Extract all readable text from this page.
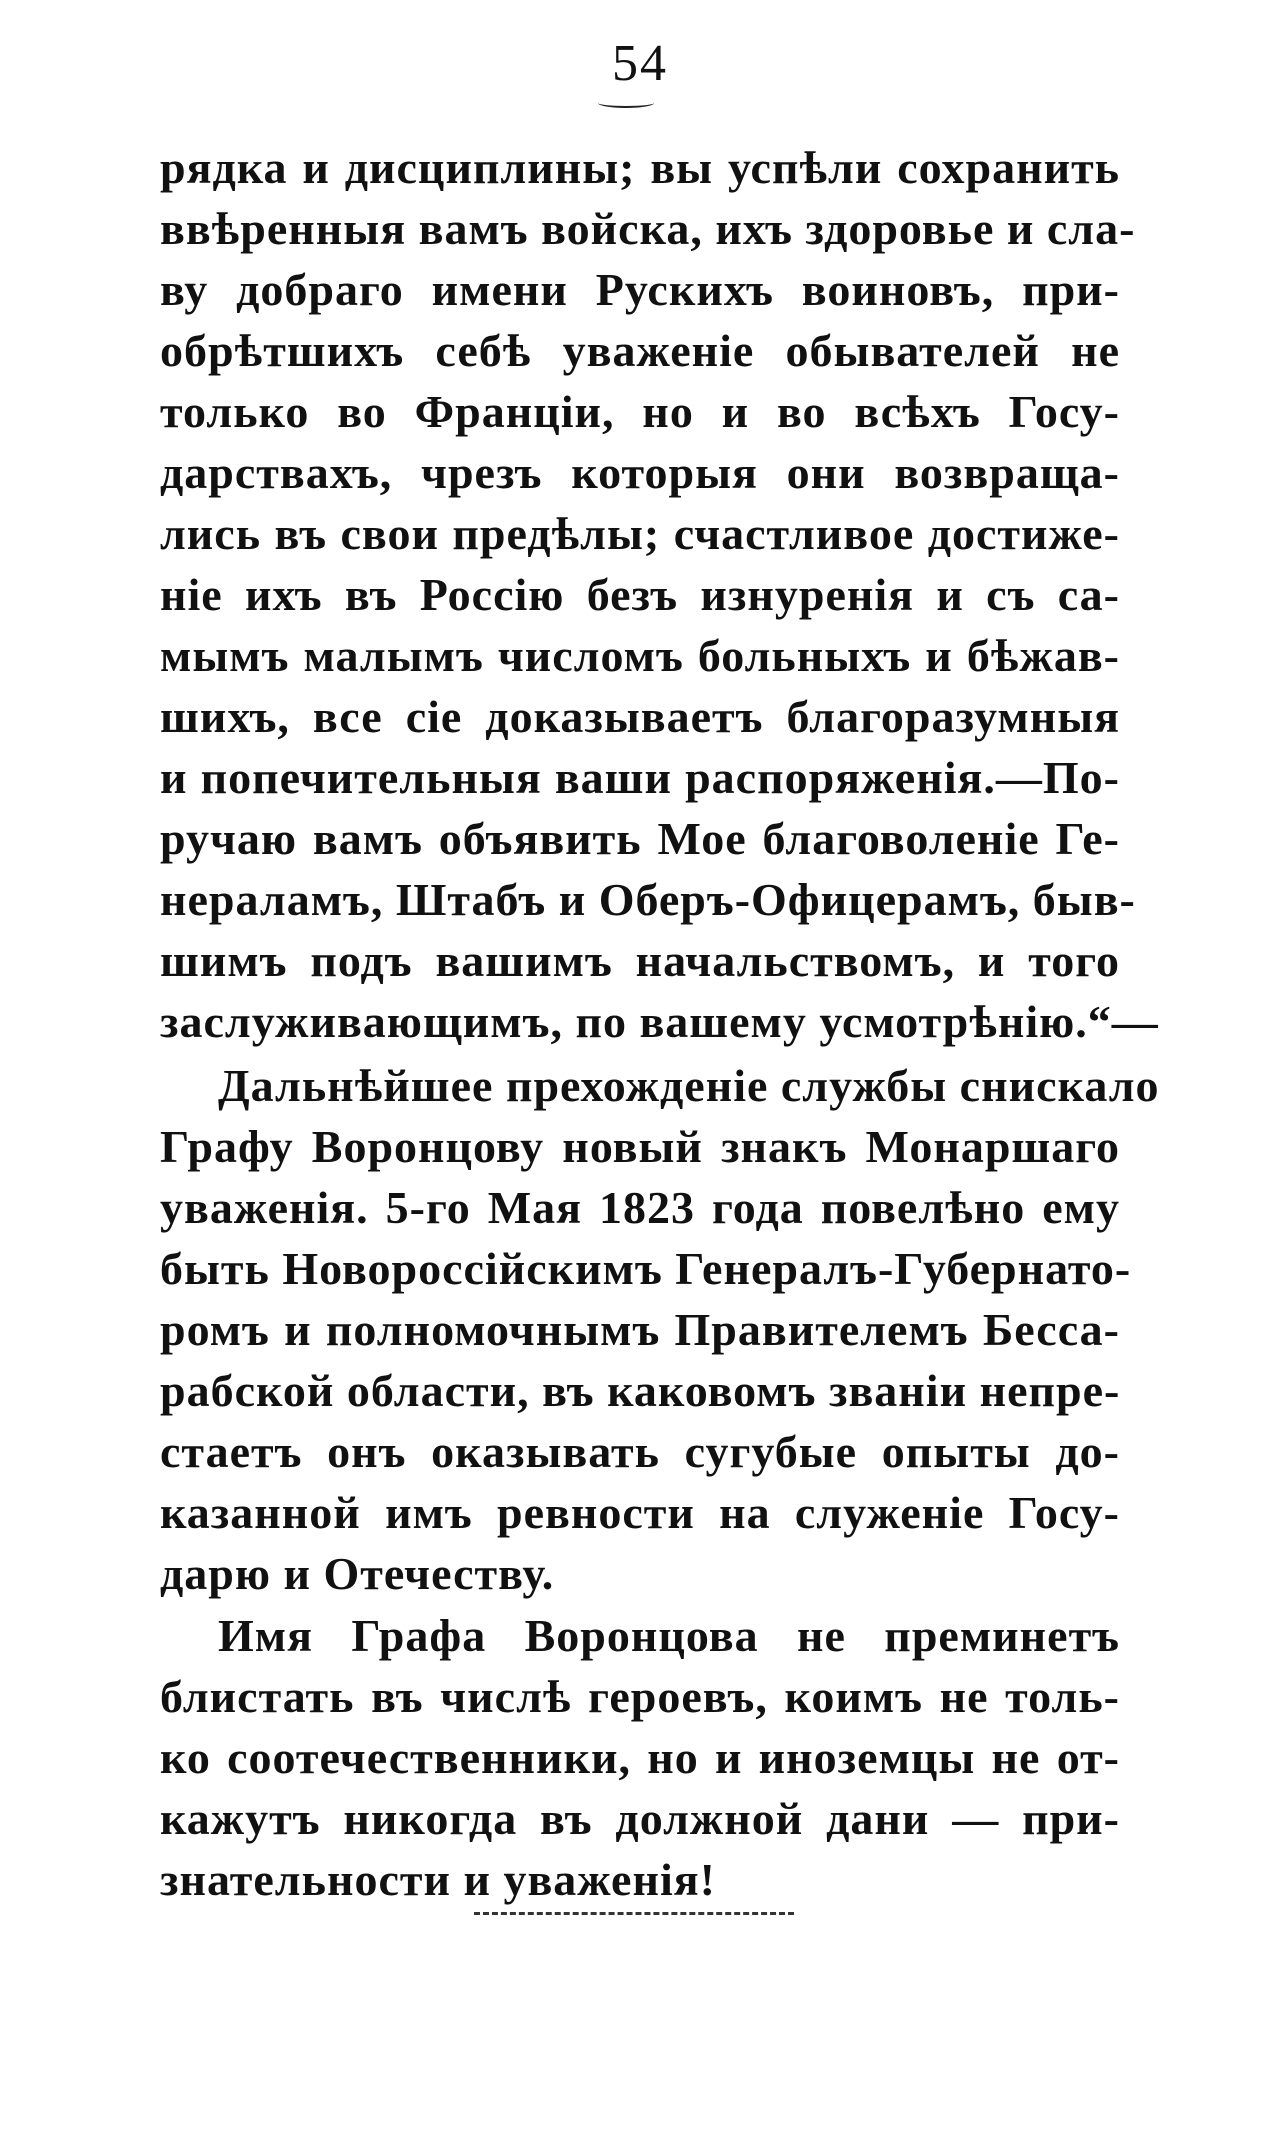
54
рядка и дисциплины; вы успѣли сохранить
ввѣренныя вамъ войска, ихъ здоровье и сла-
ву добраго имени Рускихъ воиновъ, при-
обрѣтшихъ себѣ уваженіе обывателей не
только во Франціи, но и во всѣхъ Госу-
дарствахъ, чрезъ которыя они возвраща-
лись въ свои предѣлы; счастливое достиже-
ніе ихъ въ Россію безъ изнуренія и съ са-
мымъ малымъ числомъ больныхъ и бѣжав-
шихъ, все сіе доказываетъ благоразумныя
и попечительныя ваши распоряженія.—По-
ручаю вамъ объявить Мое благоволеніе Ге-
нераламъ, Штабъ и Оберъ-Офицерамъ, быв-
шимъ подъ вашимъ начальствомъ, и того
заслуживающимъ, по вашему усмотрѣнію.“—
Дальнѣйшее прехожденіе службы снискало
Графу Воронцову новый знакъ Монаршаго
уваженія. 5-го Мая 1823 года повелѣно ему
быть Новороссійскимъ Генералъ-Губернато-
ромъ и полномочнымъ Правителемъ Бесса-
рабской области, въ каковомъ званіи непре-
стаетъ онъ оказывать сугубые опыты до-
казанной имъ ревности на служеніе Госу-
дарю и Отечеству.
Имя Графа Воронцова не преминетъ
блистать въ числѣ героевъ, коимъ не толь-
ко соотечественники, но и иноземцы не от-
кажутъ никогда въ должной дани — при-
знательности и уваженія!
